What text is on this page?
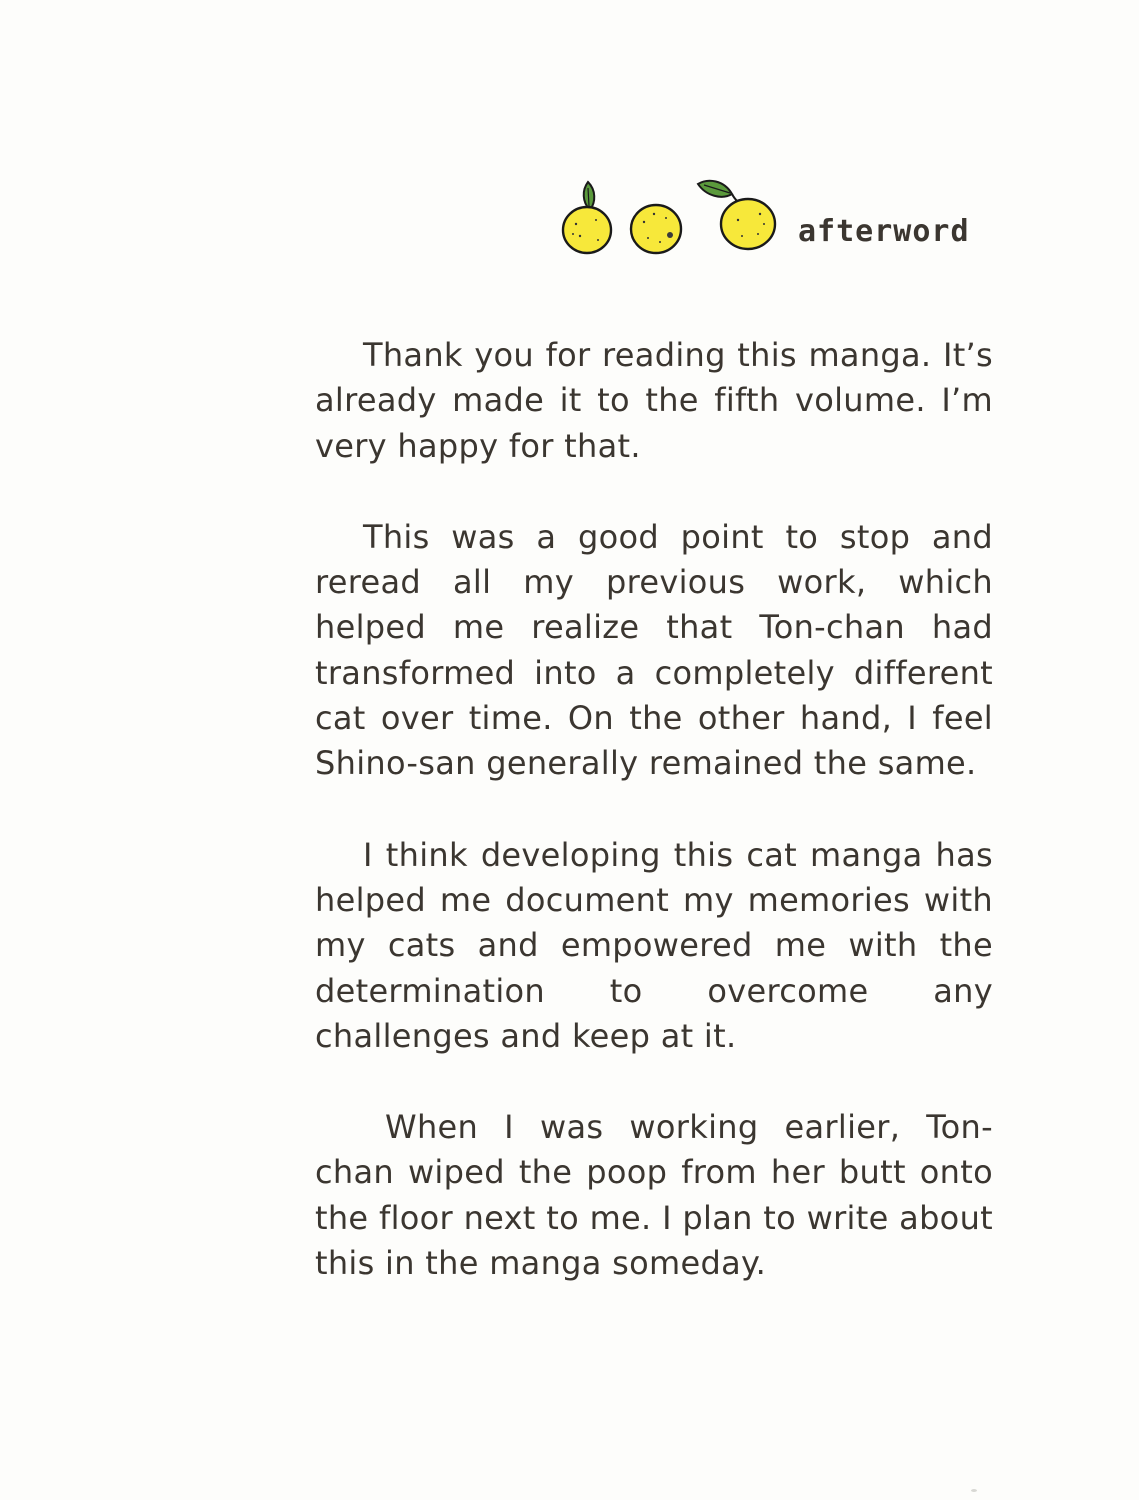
afterword

Thank you for reading this manga. It’s already made it to the fifth volume. I’m very happy for that.

This was a good point to stop and reread all my previous work, which helped me realize that Ton-chan had transformed into a completely different cat over time. On the other hand, I feel Shino-san generally remained the same.

I think developing this cat manga has helped me document my memories with my cats and empowered me with the determination to overcome any challenges and keep at it.

When I was working earlier, Ton-chan wiped the poop from her butt onto the floor next to me. I plan to write about this in the manga someday.
